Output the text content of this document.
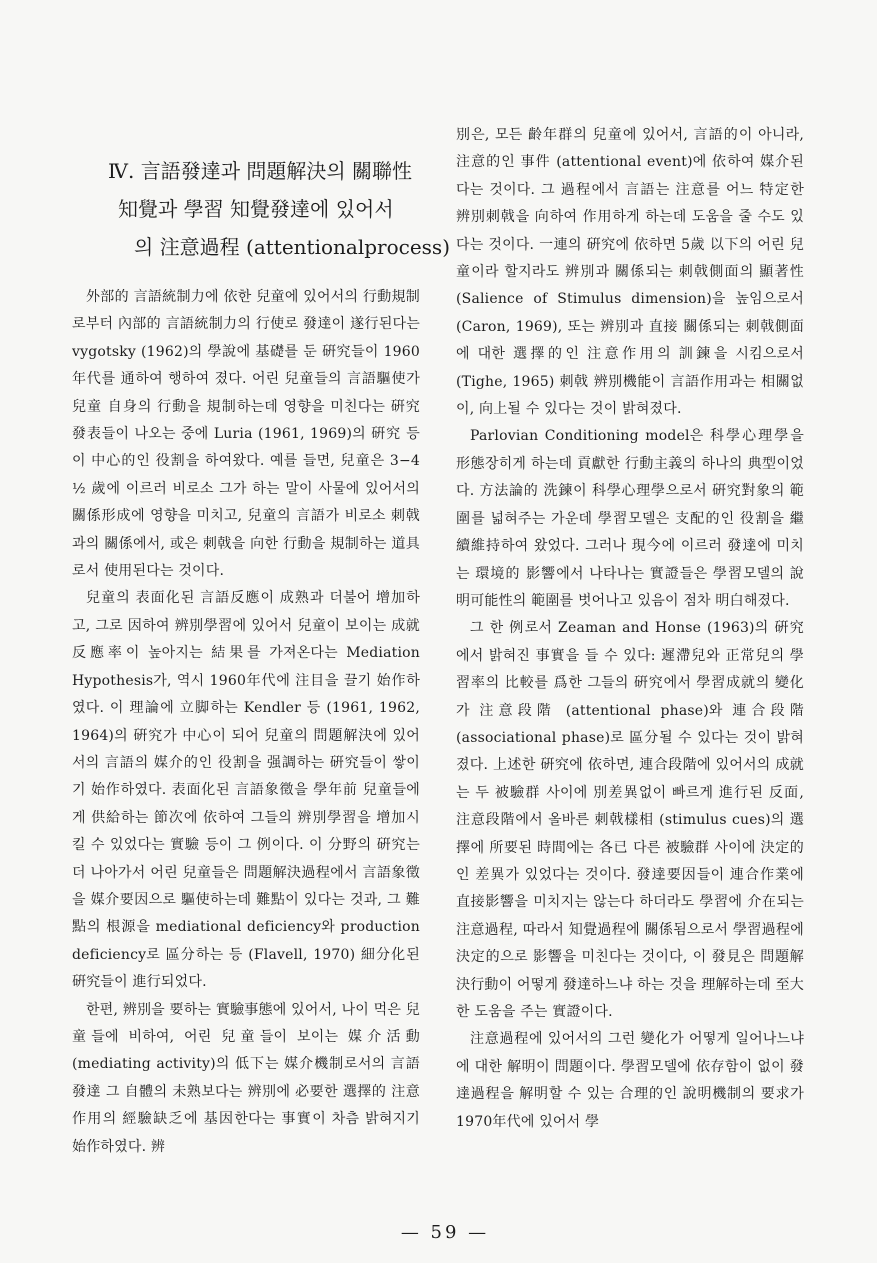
Ⅳ. 言語發達과 問題解決의 關聯性
知覺과 學習 知覺發達에 있어서
의 注意過程 (attentionalprocess)

外部的 言語統制力에 依한 兒童에 있어서의 行動規制로부터 內部的 言語統制力의 行使로 發達이 遂行된다는 vygotsky (1962)의 學說에 基礎를 둔 硏究들이 1960年代를 通하여 행하여 졌다. 어린 兒童들의 言語驅使가 兒童 自身의 行動을 規制하는데 영향을 미친다는 硏究發表들이 나오는 중에 Luria (1961, 1969)의 硏究 등이 中心的인 役割을 하여왔다. 예를 들면, 兒童은 3−4 ½ 歲에 이르러 비로소 그가 하는 말이 사물에 있어서의 關係形成에 영향을 미치고, 兒童의 言語가 비로소 刺戟과의 關係에서, 或은 刺戟을 向한 行動을 規制하는 道具로서 使用된다는 것이다.

兒童의 表面化된 言語反應이 成熟과 더불어 增加하고, 그로 因하여 辨別學習에 있어서 兒童이 보이는 成就反應率이 높아지는 結果를 가져온다는 Mediation Hypothesis가, 역시 1960年代에 注目을 끌기 始作하였다. 이 理論에 立脚하는 Kendler 등 (1961, 1962, 1964)의 硏究가 中心이 되어 兒童의 問題解決에 있어서의 言語의 媒介的인 役割을 强調하는 硏究들이 쌓이기 始作하였다. 表面化된 言語象徵을 學年前 兒童들에게 供給하는 節次에 依하여 그들의 辨別學習을 增加시킬 수 있었다는 實驗 등이 그 例이다. 이 分野의 硏究는 더 나아가서 어린 兒童들은 問題解決過程에서 言語象徵을 媒介要因으로 驅使하는데 難點이 있다는 것과, 그 難點의 根源을 mediational deficiency와 production deficiency로 區分하는 등 (Flavell, 1970) 細分化된 硏究들이 進行되었다.

한편, 辨別을 要하는 實驗事態에 있어서, 나이 먹은 兒童들에 비하여, 어린 兒童들이 보이는 媒介活動 (mediating activity)의 低下는 媒介機制로서의 言語發達 그 自體의 未熟보다는 辨別에 必要한 選擇的 注意作用의 經驗缺乏에 基因한다는 事實이 차츰 밝혀지기 始作하였다. 辨

別은, 모든 齡年群의 兒童에 있어서, 言語的이 아니라, 注意的인 事件 (attentional event)에 依하여 媒介된다는 것이다. 그 過程에서 言語는 注意를 어느 特定한 辨別刺戟을 向하여 作用하게 하는데 도움을 줄 수도 있다는 것이다. 一連의 硏究에 依하면 5歲 以下의 어린 兒童이라 할지라도 辨別과 關係되는 刺戟側面의 顯著性 (Salience of Stimulus dimension)을 높임으로서 (Caron, 1969), 또는 辨別과 直接 關係되는 刺戟側面에 대한 選擇的인 注意作用의 訓鍊을 시킴으로서 (Tighe, 1965) 刺戟 辨別機能이 言語作用과는 相關없이, 向上될 수 있다는 것이 밝혀졌다.

Parlovian Conditioning model은 科學心理學을 形態장히게 하는데 貢獻한 行動主義의 하나의 典型이었다. 方法論的 洗鍊이 科學心理學으로서 硏究對象의 範圍를 넓혀주는 가운데 學習모델은 支配的인 役割을 繼續維持하여 왔었다. 그러나 現今에 이르러 發達에 미치는 環境的 影響에서 나타나는 實證들은 學習모델의 說明可能性의 範圍를 벗어나고 있음이 점차 明白해졌다.

그 한 例로서 Zeaman and Honse (1963)의 硏究에서 밝혀진 事實을 들 수 있다: 遲滯兒와 正常兒의 學習率의 比較를 爲한 그들의 硏究에서 學習成就의 變化가 注意段階 (attentional phase)와 連合段階 (associational phase)로 區分될 수 있다는 것이 밝혀졌다. 上述한 硏究에 依하면, 連合段階에 있어서의 成就는 두 被驗群 사이에 別差異없이 빠르게 進行된 反面, 注意段階에서 올바른 刺戟樣相 (stimulus cues)의 選擇에 所要된 時間에는 各已 다른 被驗群 사이에 決定的인 差異가 있었다는 것이다. 發達要因들이 連合作業에 直接影響을 미치지는 않는다 하더라도 學習에 介在되는 注意過程, 따라서 知覺過程에 關係됨으로서 學習過程에 決定的으로 影響을 미친다는 것이다, 이 發見은 問題解決行動이 어떻게 發達하느냐 하는 것을 理解하는데 至大한 도움을 주는 實證이다.

注意過程에 있어서의 그런 變化가 어떻게 일어나느냐에 대한 解明이 問題이다. 學習모델에 依存함이 없이 發達過程을 解明할 수 있는 合理的인 說明機制의 要求가 1970年代에 있어서 學

— 59 —
